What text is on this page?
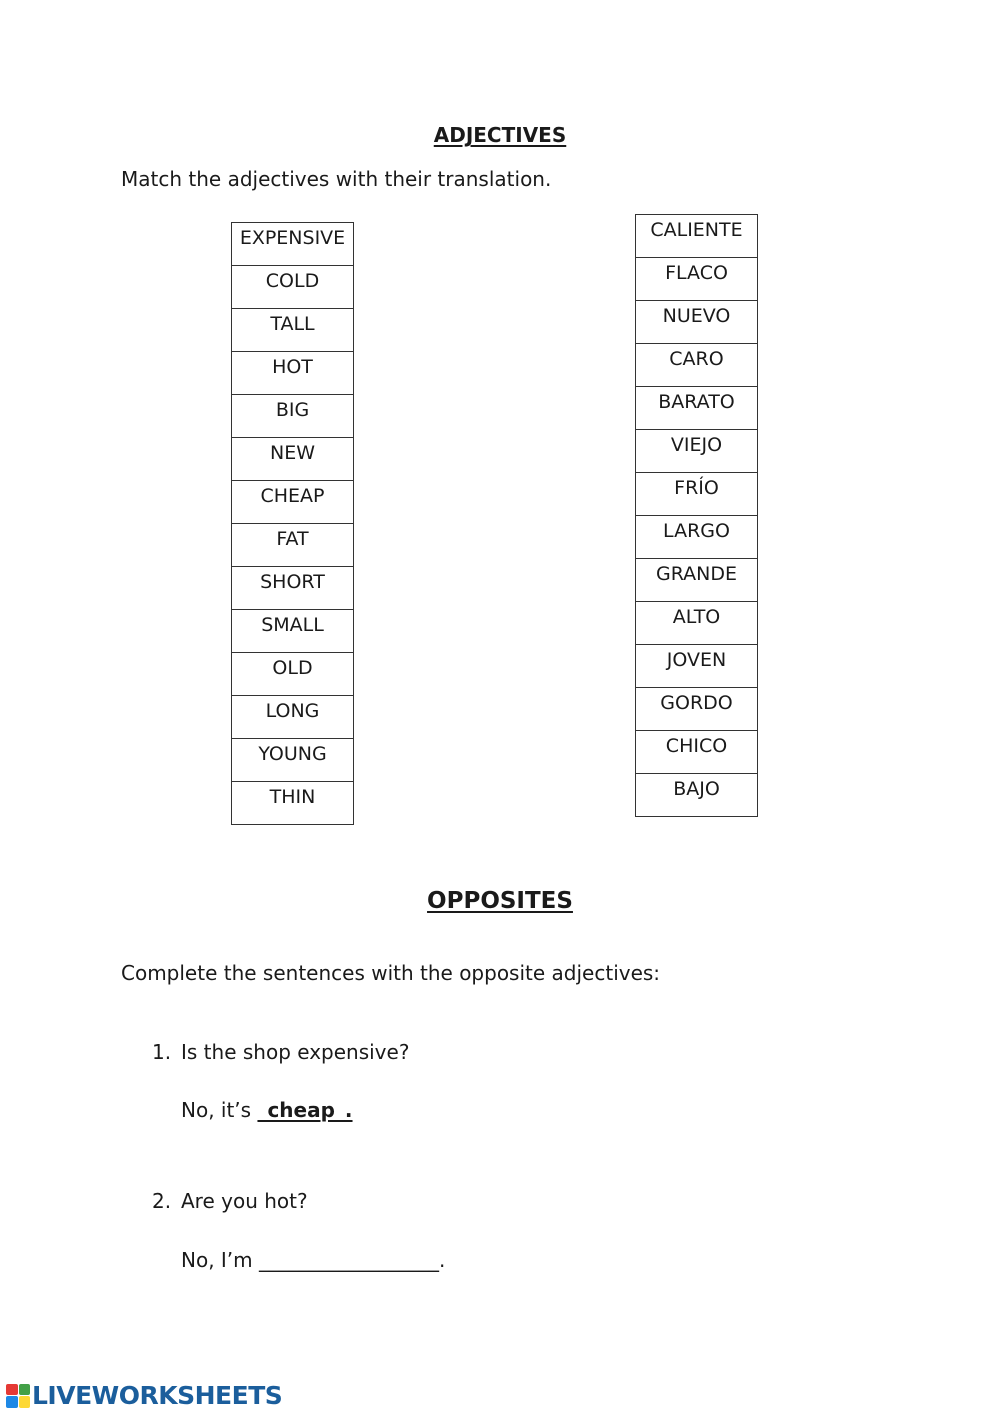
ADJECTIVES
Match the adjectives with their translation.
EXPENSIVE
COLD
TALL
HOT
BIG
NEW
CHEAP
FAT
SHORT
SMALL
OLD
LONG
YOUNG
THIN
CALIENTE
FLACO
NUEVO
CARO
BARATO
VIEJO
FRÍO
LARGO
GRANDE
ALTO
JOVEN
GORDO
CHICO
BAJO
OPPOSITES
Complete the sentences with the opposite adjectives:
1. Is the shop expensive?
No, it’s _cheap_.
2. Are you hot?
No, I’m __________________.
LIVEWORKSHEETS
